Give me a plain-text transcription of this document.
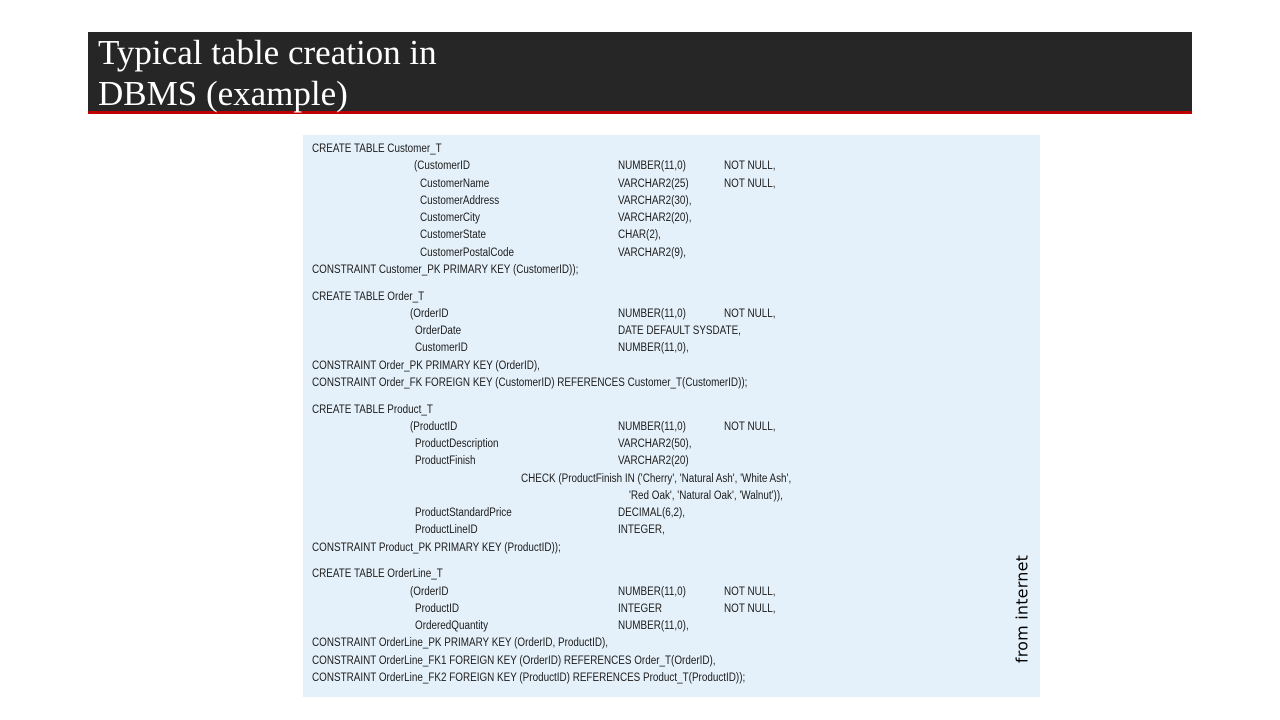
Typical table creation in
DBMS (example)
CREATE TABLE Customer_T
(CustomerID	NUMBER(11,0)	NOT NULL,
CustomerName	VARCHAR2(25)	NOT NULL,
CustomerAddress	VARCHAR2(30),
CustomerCity	VARCHAR2(20),
CustomerState	CHAR(2),
CustomerPostalCode	VARCHAR2(9),
CONSTRAINT Customer_PK PRIMARY KEY (CustomerID));
CREATE TABLE Order_T
(OrderID	NUMBER(11,0)	NOT NULL,
OrderDate	DATE DEFAULT SYSDATE,
CustomerID	NUMBER(11,0),
CONSTRAINT Order_PK PRIMARY KEY (OrderID),
CONSTRAINT Order_FK FOREIGN KEY (CustomerID) REFERENCES Customer_T(CustomerID));
CREATE TABLE Product_T
(ProductID	NUMBER(11,0)	NOT NULL,
ProductDescription	VARCHAR2(50),
ProductFinish	VARCHAR2(20)
CHECK (ProductFinish IN ('Cherry', 'Natural Ash', 'White Ash',
'Red Oak', 'Natural Oak', 'Walnut')),
ProductStandardPrice	DECIMAL(6,2),
ProductLineID	INTEGER,
CONSTRAINT Product_PK PRIMARY KEY (ProductID));
CREATE TABLE OrderLine_T
(OrderID	NUMBER(11,0)	NOT NULL,
ProductID	INTEGER	NOT NULL,
OrderedQuantity	NUMBER(11,0),
CONSTRAINT OrderLine_PK PRIMARY KEY (OrderID, ProductID),
CONSTRAINT OrderLine_FK1 FOREIGN KEY (OrderID) REFERENCES Order_T(OrderID),
CONSTRAINT OrderLine_FK2 FOREIGN KEY (ProductID) REFERENCES Product_T(ProductID));
from internet
